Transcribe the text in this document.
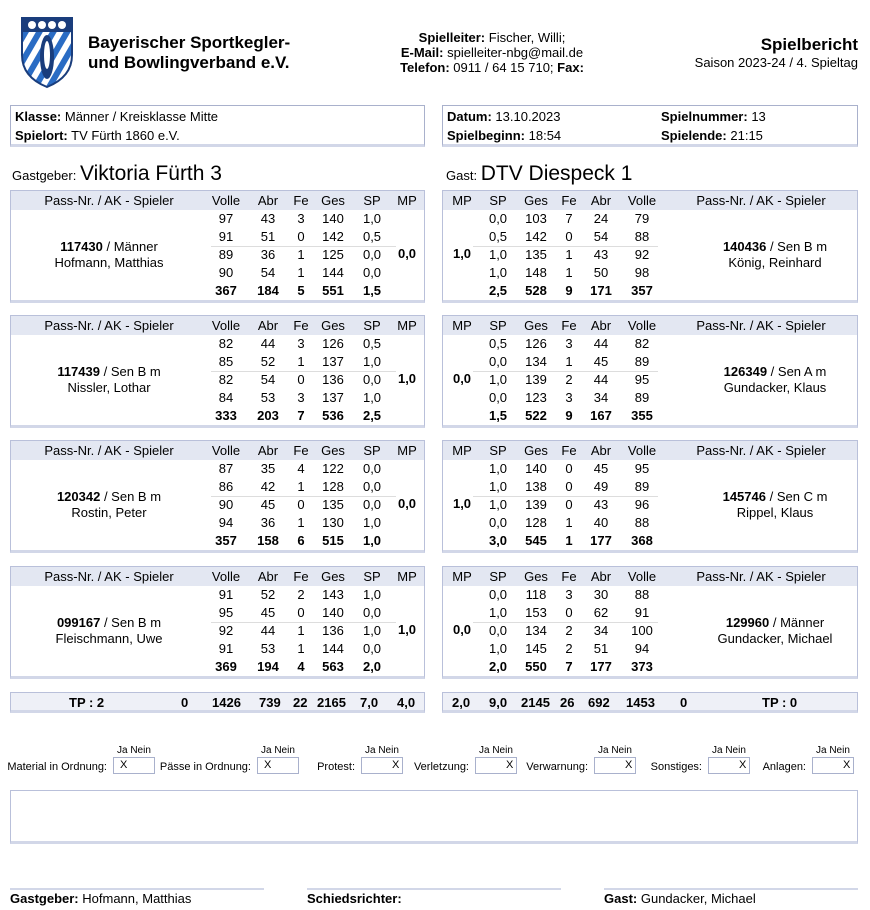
Bayerischer Sportkegler-
und Bowlingverband e.V.
Spielleiter: Fischer, Willi;
E-Mail: spielleiter-nbg@mail.de
Telefon: 0911 / 64 15 710; Fax:
Spielbericht
Saison 2023-24 / 4. Spieltag
Klasse: Männer / Kreisklasse Mitte
Spielort: TV Fürth 1860 e.V.
Datum: 13.10.2023
Spielbeginn: 18:54
Spielnummer: 13
Spielende: 21:15
Gastgeber: Viktoria Fürth 3	Gast: DTV Diespeck 1
Pass-Nr. / AK - Spieler	Volle Abr Fe Ges SP MP
97 43 3 140 1,0
91 51 0 142 0,5
89 36 1 125 0,0
90 54 1 144 0,0
367 184 5 551 1,5
0,0
117430 / Männer
Hofmann, Matthias
Pass-Nr. / AK - Spieler	Volle Abr Fe Ges SP MP
82 44 3 126 0,5
85 52 1 137 1,0
82 54 0 136 0,0
84 53 3 137 1,0
333 203 7 536 2,5
1,0
117439 / Sen B m
Nissler, Lothar
Pass-Nr. / AK - Spieler	Volle Abr Fe Ges SP MP
87 35 4 122 0,0
86 42 1 128 0,0
90 45 0 135 0,0
94 36 1 130 1,0
357 158 6 515 1,0
0,0
120342 / Sen B m
Rostin, Peter
Pass-Nr. / AK - Spieler	Volle Abr Fe Ges SP MP
91 52 2 143 1,0
95 45 0 140 0,0
92 44 1 136 1,0
91 53 1 144 0,0
369 194 4 563 2,0
1,0
099167 / Sen B m
Fleischmann, Uwe
MP SP Ges Fe Abr Volle	Pass-Nr. / AK - Spieler
0,0 103 7 24 79
0,5 142 0 54 88
1,0 135 1 43 92
1,0 148 1 50 98
2,5 528 9 171 357
1,0	140436 / Sen B m
König, Reinhard
MP SP Ges Fe Abr Volle	Pass-Nr. / AK - Spieler
0,5 126 3 44 82
0,0 134 1 45 89
1,0 139 2 44 95
0,0 123 3 34 89
1,5 522 9 167 355
0,0	126349 / Sen A m
Gundacker, Klaus
MP SP Ges Fe Abr Volle	Pass-Nr. / AK - Spieler
1,0 140 0 45 95
1,0 138 0 49 89
1,0 139 0 43 96
0,0 128 1 40 88
3,0 545 1 177 368
1,0	145746 / Sen C m
Rippel, Klaus
MP SP Ges Fe Abr Volle	Pass-Nr. / AK - Spieler
0,0 118 3 30 88
1,0 153 0 62 91
0,0 134 2 34 100
1,0 145 2 51 94
2,0 550 7 177 373
0,0	129960 / Männer
Gundacker, Michael
TP : 2	0 1426 739 22 2165 7,0 4,0	2,0 9,0 2145 26 692 1453 0	TP : 0
Ja Nein
Material in Ordnung: X
Ja Nein
Pässe in Ordnung: X
Ja Nein
Protest:	X
Ja Nein
Verletzung:	X
Ja Nein
Verwarnung:	X
Ja Nein
Sonstiges:	X
Ja Nein
Anlagen:	X
Gastgeber: Hofmann, Matthias	Schiedsrichter:	Gast: Gundacker, Michael
